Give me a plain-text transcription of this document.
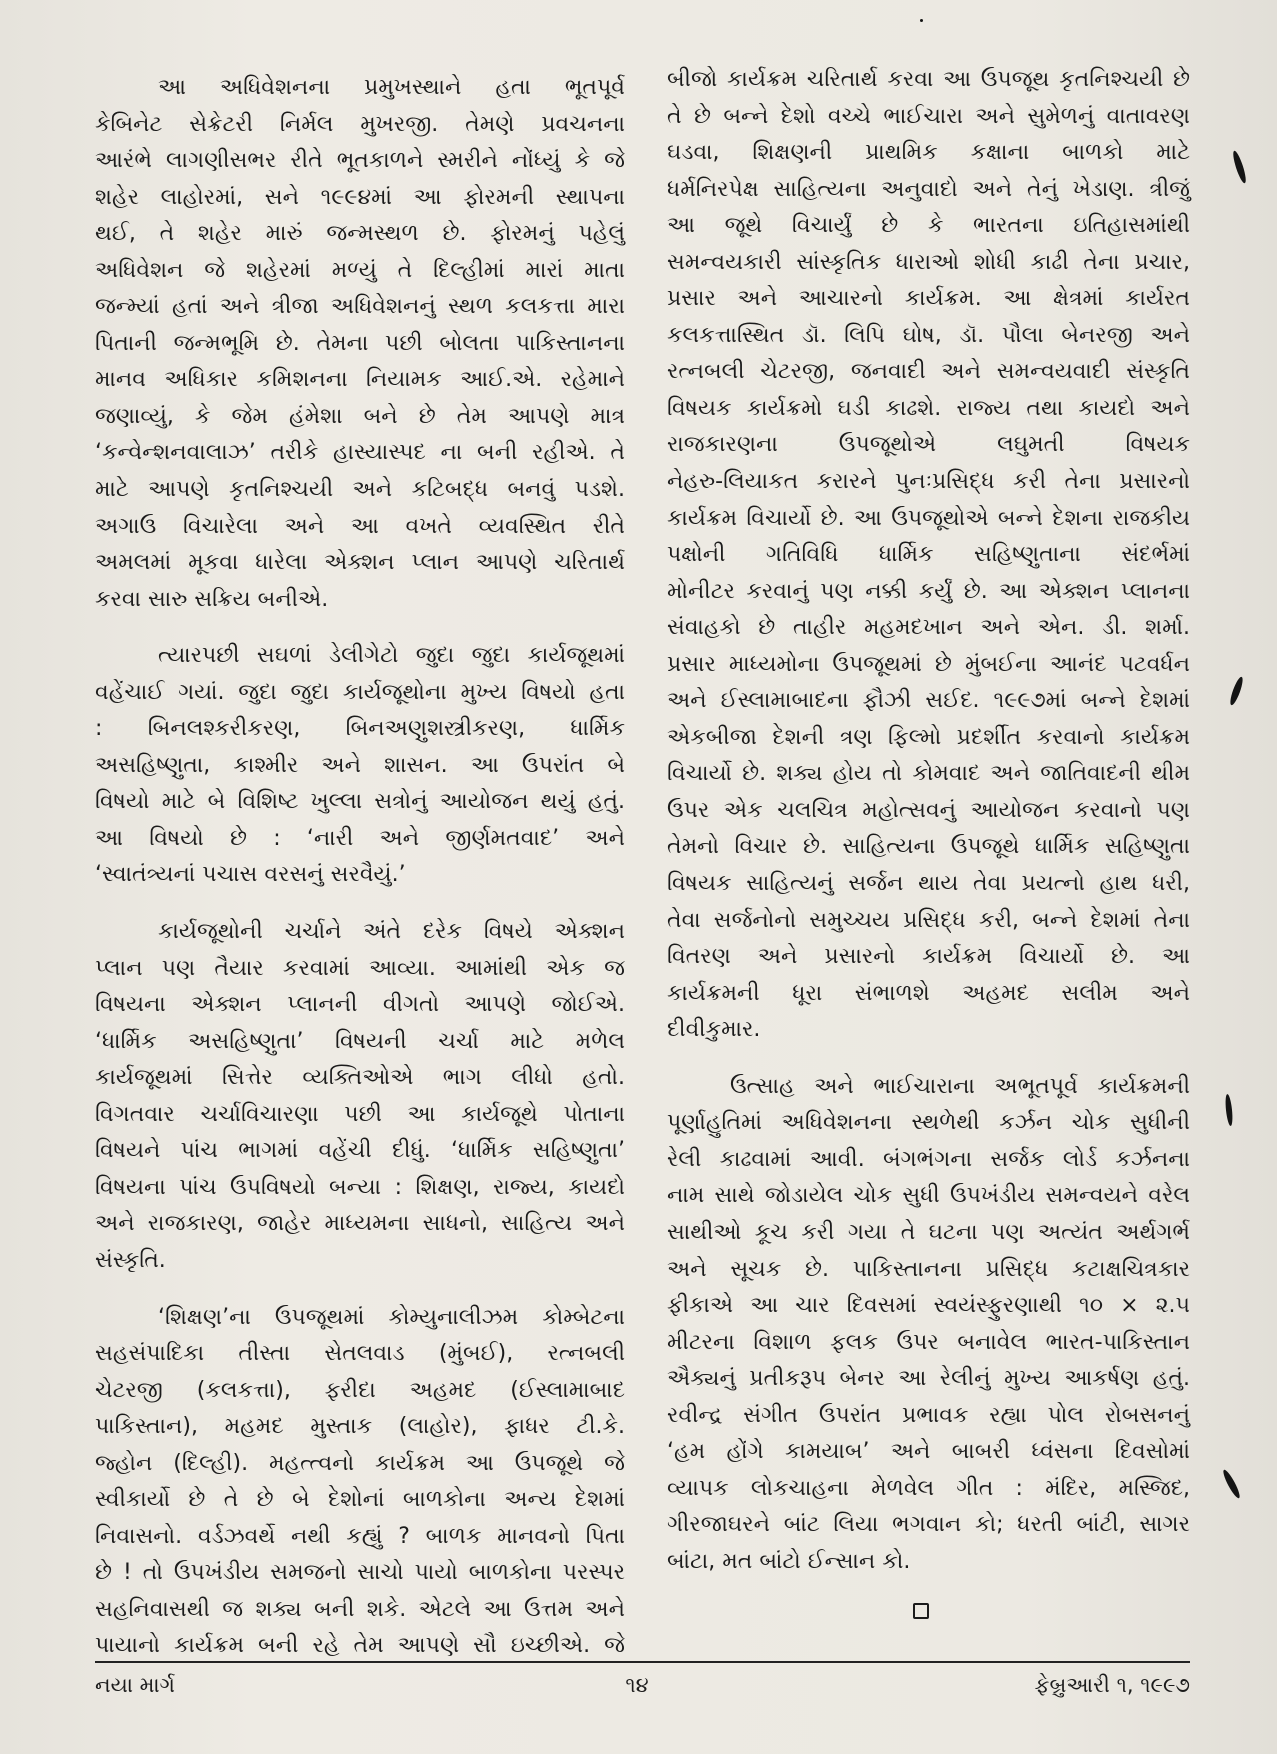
આ અધિવેશનના પ્રમુખસ્થાને હતા ભૂતપૂર્વ
કેબિનેટ સેક્રેટરી નિર્મલ મુખરજી. તેમણે પ્રવચનના
આરંભે લાગણીસભર રીતે ભૂતકાળને સ્મરીને નોંધ્યું કે જે
શહેર લાહોરમાં, સને ૧૯૯૪માં આ ફોરમની સ્થાપના
થઈ, તે શહેર મારું જન્મસ્થળ છે. ફોરમનું પહેલું
અધિવેશન જે શહેરમાં મળ્યું તે દિલ્હીમાં મારાં માતા
જન્મ્યાં હતાં અને ત્રીજા અધિવેશનનું સ્થળ કલકત્તા મારા
પિતાની જન્મભૂમિ છે. તેમના પછી બોલતા પાકિસ્તાનના
માનવ અધિકાર કમિશનના નિયામક આઈ.એ. રહેમાને
જણાવ્યું, કે જેમ હંમેશા બને છે તેમ આપણે માત્ર
‘કન્વેન્શનવાલાઝ’ તરીકે હાસ્યાસ્પદ ના બની રહીએ. તે
માટે આપણે કૃતનિશ્ચયી અને કટિબદ્ધ બનવું પડશે.
અગાઉ વિચારેલા અને આ વખતે વ્યવસ્થિત રીતે
અમલમાં મૂકવા ધારેલા એક્શન પ્લાન આપણે ચરિતાર્થ
કરવા સારુ સક્રિય બનીએ.
ત્યારપછી સઘળાં ડેલીગેટો જુદા જુદા કાર્યજૂથમાં
વહેંચાઈ ગયાં. જુદા જુદા કાર્યજૂથોના મુખ્ય વિષયો હતા
: બિનલશ્કરીકરણ, બિનઅણુશસ્ત્રીકરણ, ધાર્મિક
અસહિષ્ણુતા, કાશ્મીર અને શાસન. આ ઉપરાંત બે
વિષયો માટે બે વિશિષ્ટ ખુલ્લા સત્રોનું આયોજન થયું હતું.
આ વિષયો છે : ‘નારી અને જીર્ણમતવાદ’ અને
‘સ્વાતંત્ર્યનાં પચાસ વરસનું સરવૈયું.’
કાર્યજૂથોની ચર્ચાને અંતે દરેક વિષયે એક્શન
પ્લાન પણ તૈયાર કરવામાં આવ્યા. આમાંથી એક જ
વિષયના એક્શન પ્લાનની વીગતો આપણે જોઈએ.
‘ધાર્મિક અસહિષ્ણુતા’ વિષયની ચર્ચા માટે મળેલ
કાર્યજૂથમાં સિત્તેર વ્યક્તિઓએ ભાગ લીધો હતો.
વિગતવાર ચર્ચાવિચારણા પછી આ કાર્યજૂથે પોતાના
વિષયને પાંચ ભાગમાં વહેંચી દીધું. ‘ધાર્મિક સહિષ્ણુતા’
વિષયના પાંચ ઉપવિષયો બન્યા : શિક્ષણ, રાજ્ય, કાયદો
અને રાજકારણ, જાહેર માધ્યમના સાધનો, સાહિત્ય અને
સંસ્કૃતિ.
‘શિક્ષણ’ના ઉપજૂથમાં કોમ્યુનાલીઝમ કોમ્બેટના
સહસંપાદિકા તીસ્તા સેતલવાડ (મુંબઈ), રત્નબલી
ચેટરજી (કલકત્તા), ફરીદા અહમદ (ઈસ્લામાબાદ
પાકિસ્તાન), મહમદ મુસ્તાક (લાહોર), ફાધર ટી.કે.
જ્હોન (દિલ્હી). મહત્ત્વનો કાર્યક્રમ આ ઉપજૂથે જે
સ્વીકાર્યો છે તે છે બે દેશોનાં બાળકોના અન્ય દેશમાં
નિવાસનો. વર્ડઝવર્થે નથી કહ્યું ? બાળક માનવનો પિતા
છે ! તો ઉપખંડીય સમજનો સાચો પાયો બાળકોના પરસ્પર
સહનિવાસથી જ શક્ય બની શકે. એટલે આ ઉત્તમ અને
પાયાનો કાર્યક્રમ બની રહે તેમ આપણે સૌ ઇચ્છીએ. જે
બીજો કાર્યક્રમ ચરિતાર્થ કરવા આ ઉપજૂથ કૃતનિશ્ચયી છે
તે છે બન્ને દેશો વચ્ચે ભાઈચારા અને સુમેળનું વાતાવરણ
ઘડવા, શિક્ષણની પ્રાથમિક કક્ષાના બાળકો માટે
ધર્મનિરપેક્ષ સાહિત્યના અનુવાદો અને તેનું ખેડાણ. ત્રીજું
આ જૂથે વિચાર્યું છે કે ભારતના ઇતિહાસમાંથી
સમન્વયકારી સાંસ્કૃતિક ધારાઓ શોધી કાઢી તેના પ્રચાર,
પ્રસાર અને આચારનો કાર્યક્રમ. આ ક્ષેત્રમાં કાર્યરત
કલકત્તાસ્થિત ડૉ. લિપિ ઘોષ, ડૉ. પૌલા બેનરજી અને
રત્નબલી ચેટરજી, જનવાદી અને સમન્વયવાદી સંસ્કૃતિ
વિષયક કાર્યક્રમો ઘડી કાઢશે. રાજ્ય તથા કાયદો અને
રાજકારણના ઉપજૂથોએ લઘુમતી વિષયક
નેહરુ-લિયાકત કરારને પુનઃપ્રસિદ્ધ કરી તેના પ્રસારનો
કાર્યક્રમ વિચાર્યો છે. આ ઉપજૂથોએ બન્ને દેશના રાજકીય
પક્ષોની ગતિવિધિ ધાર્મિક સહિષ્ણુતાના સંદર્ભમાં
મોનીટર કરવાનું પણ નક્કી કર્યું છે. આ એક્શન પ્લાનના
સંવાહકો છે તાહીર મહમદખાન અને એન. ડી. શર્મા.
પ્રસાર માધ્યમોના ઉપજૂથમાં છે મુંબઈના આનંદ પટવર્ધન
અને ઈસ્લામાબાદના ફૌઝી સઈદ. ૧૯૯૭માં બન્ને દેશમાં
એકબીજા દેશની ત્રણ ફિલ્મો પ્રદર્શીત કરવાનો કાર્યક્રમ
વિચાર્યો છે. શક્ય હોય તો કોમવાદ અને જાતિવાદની થીમ
ઉપર એક ચલચિત્ર મહોત્સવનું આયોજન કરવાનો પણ
તેમનો વિચાર છે. સાહિત્યના ઉપજૂથે ધાર્મિક સહિષ્ણુતા
વિષયક સાહિત્યનું સર્જન થાય તેવા પ્રયત્નો હાથ ધરી,
તેવા સર્જનોનો સમુચ્ચય પ્રસિદ્ધ કરી, બન્ને દેશમાં તેના
વિતરણ અને પ્રસારનો કાર્યક્રમ વિચાર્યો છે. આ
કાર્યક્રમની ધૂરા સંભાળશે અહમદ સલીમ અને
દીવીકુમાર.
ઉત્સાહ અને ભાઈચારાના અભૂતપૂર્વ કાર્યક્રમની
પૂર્ણાહુતિમાં અધિવેશનના સ્થળેથી કર્ઝન ચોક સુધીની
રેલી કાઢવામાં આવી. બંગભંગના સર્જક લોર્ડ કર્ઝનના
નામ સાથે જોડાયેલ ચોક સુધી ઉપખંડીય સમન્વયને વરેલ
સાથીઓ કૂચ કરી ગયા તે ઘટના પણ અત્યંત અર્થગર્ભ
અને સૂચક છે. પાકિસ્તાનના પ્રસિદ્ધ કટાક્ષચિત્રકાર
ફીકાએ આ ચાર દિવસમાં સ્વયંસ્ફુરણાથી ૧૦ × ૨.૫
મીટરના વિશાળ ફલક ઉપર બનાવેલ ભારત-પાકિસ્તાન
ઐક્યનું પ્રતીકરૂપ બેનર આ રેલીનું મુખ્ય આકર્ષણ હતું.
રવીન્દ્ર સંગીત ઉપરાંત પ્રભાવક રહ્યા પોલ રોબસનનું
‘હમ હોંગે કામયાબ’ અને બાબરી ધ્વંસના દિવસોમાં
વ્યાપક લોકચાહના મેળવેલ ગીત : મંદિર, મસ્જિદ,
ગીરજાઘરને બાંટ લિયા ભગવાન કો; ધરતી બાંટી, સાગર
બાંટા, મત બાંટો ઈન્સાન કો.
નયા માર્ગ	૧૪	ફેબ્રુઆરી ૧, ૧૯૯૭
